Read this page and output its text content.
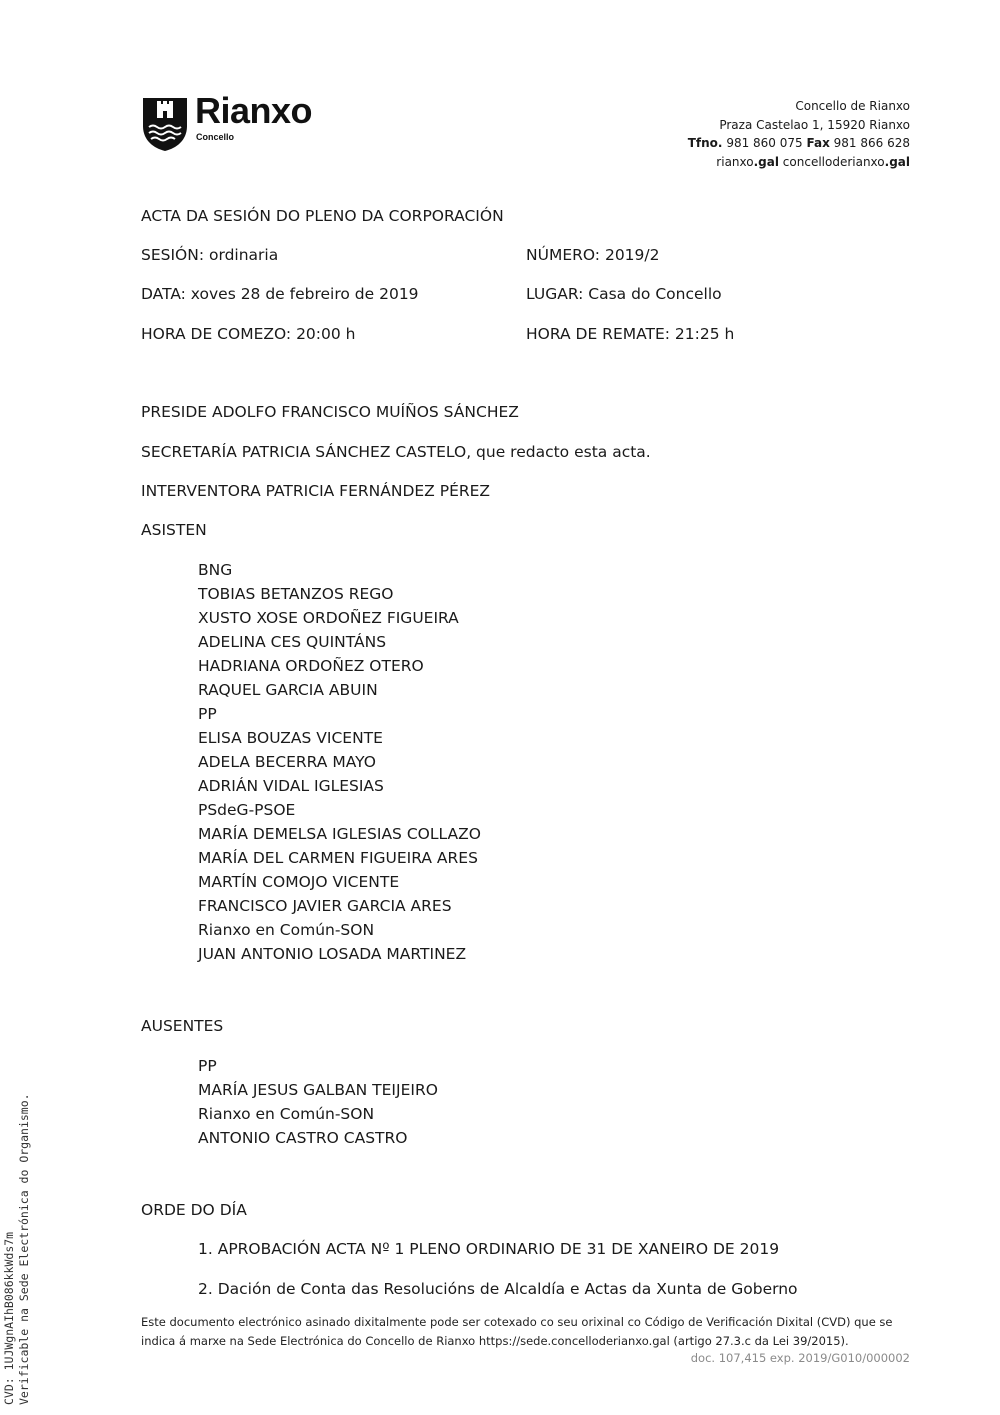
Rianxo
Concello
Concello de Rianxo
Praza Castelao 1, 15920 Rianxo
Tfno. 981 860 075 Fax 981 866 628
rianxo.gal concelloderianxo.gal
ACTA DA SESIÓN DO PLENO DA CORPORACIÓN
SESIÓN: ordinaria	NÚMERO: 2019/2
DATA: xoves 28 de febreiro de 2019	LUGAR: Casa do Concello
HORA DE COMEZO: 20:00 h	HORA DE REMATE: 21:25 h
PRESIDE ADOLFO FRANCISCO MUÍÑOS SÁNCHEZ
SECRETARÍA PATRICIA SÁNCHEZ CASTELO, que redacto esta acta.
INTERVENTORA PATRICIA FERNÁNDEZ PÉREZ
ASISTEN
BNG
TOBIAS BETANZOS REGO
XUSTO XOSE ORDOÑEZ FIGUEIRA
ADELINA CES QUINTÁNS
HADRIANA ORDOÑEZ OTERO
RAQUEL GARCIA ABUIN
PP
ELISA BOUZAS VICENTE
ADELA BECERRA MAYO
ADRIÁN VIDAL IGLESIAS
PSdeG-PSOE
MARÍA DEMELSA IGLESIAS COLLAZO
MARÍA DEL CARMEN FIGUEIRA ARES
MARTÍN COMOJO VICENTE
FRANCISCO JAVIER GARCIA ARES
Rianxo en Común-SON
JUAN ANTONIO LOSADA MARTINEZ
AUSENTES
PP
MARÍA JESUS GALBAN TEIJEIRO
Rianxo en Común-SON
ANTONIO CASTRO CASTRO
ORDE DO DÍA
1. APROBACIÓN ACTA Nº 1 PLENO ORDINARIO DE 31 DE XANEIRO DE 2019
2. Dación de Conta das Resolucións de Alcaldía e Actas da Xunta de Goberno
Este documento electrónico asinado dixitalmente pode ser cotexado co seu orixinal co Código de Verificación Dixital (CVD) que se indica á marxe na Sede Electrónica do Concello de Rianxo https://sede.concelloderianxo.gal (artigo 27.3.c da Lei 39/2015).
doc. 107,415 exp. 2019/G010/000002
CVD: 1UJWgnAIhB086kkWds7m Verificable na Sede Electrónica do Organismo.
